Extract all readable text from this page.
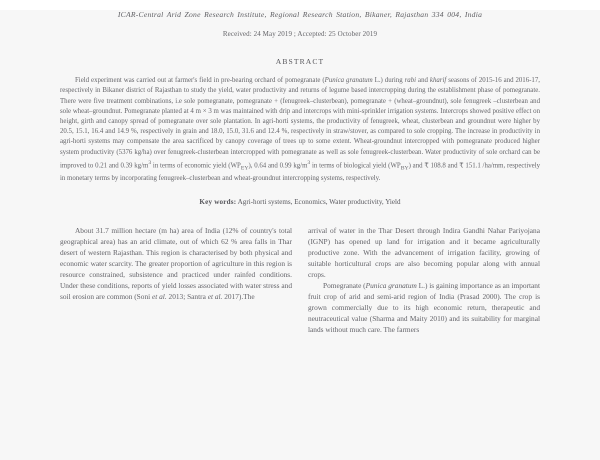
ICAR-Central Arid Zone Research Institute, Regional Research Station, Bikaner, Rajasthan 334 004, India
Received: 24 May 2019 ; Accepted: 25 October 2019
ABSTRACT
Field experiment was carried out at farmer's field in pre-bearing orchard of pomegranate (Punica granatum L.) during rabi and kharif seasons of 2015-16 and 2016-17, respectively in Bikaner district of Rajasthan to study the yield, water productivity and returns of legume based intercropping during the establishment phase of pomegranate. There were five treatment combinations, i.e sole pomegranate, pomegranate + (fenugreek–clusterbean), pomegranate + (wheat–groundnut), sole fenugreek –clusterbean and sole wheat–groundnut. Pomegranate planted at 4 m × 3 m was maintained with drip and intercrops with mini-sprinkler irrigation systems. Intercrops showed positive effect on height, girth and canopy spread of pomegranate over sole plantation. In agri-horti systems, the productivity of fenugreek, wheat, clusterbean and groundnut were higher by 20.5, 15.1, 16.4 and 14.9 %, respectively in grain and 18.0, 15.0, 31.6 and 12.4 %, respectively in straw/stover, as compared to sole cropping. The increase in productivity in agri-horti systems may compensate the area sacrificed by canopy coverage of trees up to some extent. Wheat-groundnut intercropped with pomegranate produced higher system productivity (5376 kg/ha) over fenugreek-clusterbean intercropped with pomegranate as well as sole fenugreek-clusterbean. Water productivity of sole orchard can be improved to 0.21 and 0.39 $kg/m^3$ in terms of economic yield $(WP_{EY})$, 0.64 and 0.99 $kg/m^3$ in terms of biological yield $(WP_{BY})$ and ₹ 108.8 and ₹ 151.1 /ha/mm, respectively in monetary terms by incorporating fenugreek–clusterbean and wheat-groundnut intercropping systems, respectively.
Key words: Agri-horti systems, Economics, Water productivity, Yield

About 31.7 million hectare (m ha) area of India (12% of country's total geographical area) has an arid climate, out of which 62 % area falls in Thar desert of western Rajasthan. This region is characterised by both physical and economic water scarcity. The greater proportion of agriculture in this region is resource constrained, subsistence and practiced under rainfed conditions. Under these conditions, reports of yield losses associated with water stress and soil erosion are common (Soni et al. 2013; Santra et al. 2017).The

arrival of water in the Thar Desert through Indira Gandhi Nahar Pariyojana (IGNP) has opened up land for irrigation and it became agriculturally productive zone. With the advancement of irrigation facility, growing of suitable horticultural crops are also becoming popular along with annual crops.

Pomegranate (Punica granatum L.) is gaining importance as an important fruit crop of arid and semi-arid region of India (Prasad 2000). The crop is grown commercially due to its high economic return, therapeutic and neutraceutical value (Sharma and Maity 2010) and its suitability for marginal lands without much care. The farmers
